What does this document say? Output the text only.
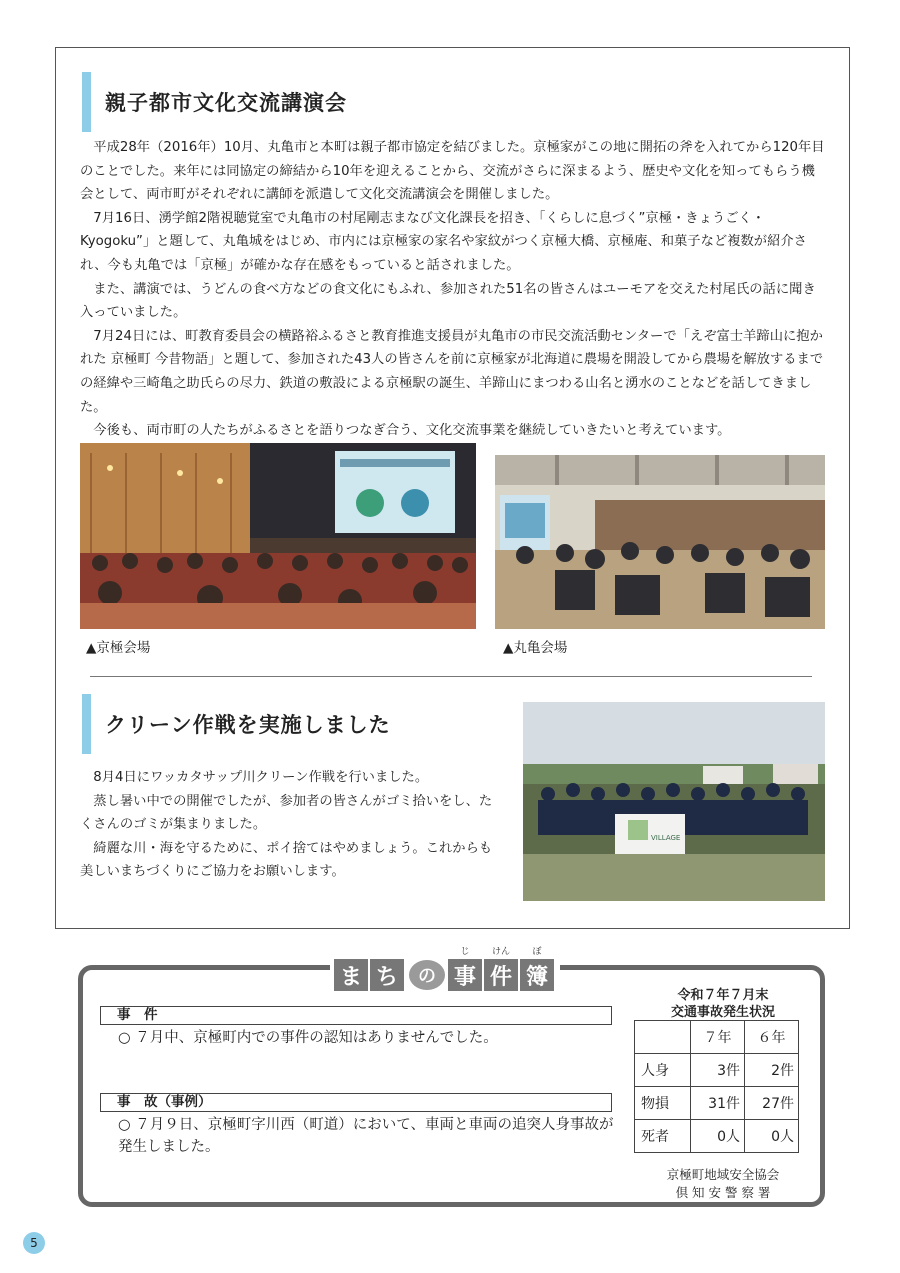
親子都市文化交流講演会

平成28年（2016年）10月、丸亀市と本町は親子都市協定を結びました。京極家がこの地に開拓の斧を入れてから120年目のことでした。来年には同協定の締結から10年を迎えることから、交流がさらに深まるよう、歴史や文化を知ってもらう機会として、両市町がそれぞれに講師を派遣して文化交流講演会を開催しました。

7月16日、湧学館2階視聴覚室で丸亀市の村尾剛志まなび文化課長を招き、「くらしに息づく”京極・きょうごく・Kyogoku”」と題して、丸亀城をはじめ、市内には京極家の家名や家紋がつく京極大橋、京極庵、和菓子など複数が紹介され、今も丸亀では「京極」が確かな存在感をもっていると話されました。

また、講演では、うどんの食べ方などの食文化にもふれ、参加された51名の皆さんはユーモアを交えた村尾氏の話に聞き入っていました。

7月24日には、町教育委員会の横路裕ふるさと教育推進支援員が丸亀市の市民交流活動センターで「えぞ富士羊蹄山に抱かれた 京極町 今昔物語」と題して、参加された43人の皆さんを前に京極家が北海道に農場を開設してから農場を解放するまでの経緯や三崎亀之助氏らの尽力、鉄道の敷設による京極駅の誕生、羊蹄山にまつわる山名と湧水のことなどを話してきました。

今後も、両市町の人たちがふるさとを語りつなぎ合う、文化交流事業を継続していきたいと考えています。

▲京極会場	▲丸亀会場
クリーン作戦を実施しました

8月4日にワッカタサップ川クリーン作戦を行いました。

蒸し暑い中での開催でしたが、参加者の皆さんがゴミ拾いをし、たくさんのゴミが集まりました。

綺麗な川・海を守るために、ポイ捨てはやめましょう。これからも美しいまちづくりにご協力をお願いします。

VILLAGE
ま ち の
じ
事
けん
件
ぼ
簿
事　件
○ ７月中、京極町内での事件の認知はありませんでした。
事　故（事例）
○ ７月９日、京極町字川西（町道）において、車両と車両の追突人身事故が発生しました。
令和７年７月末
交通事故発生状況
	７年	６年
人身	3件	2件
物損	31件	27件
死者	0人	0人
京極町地域安全協会
倶 知 安 警 察 署
5
